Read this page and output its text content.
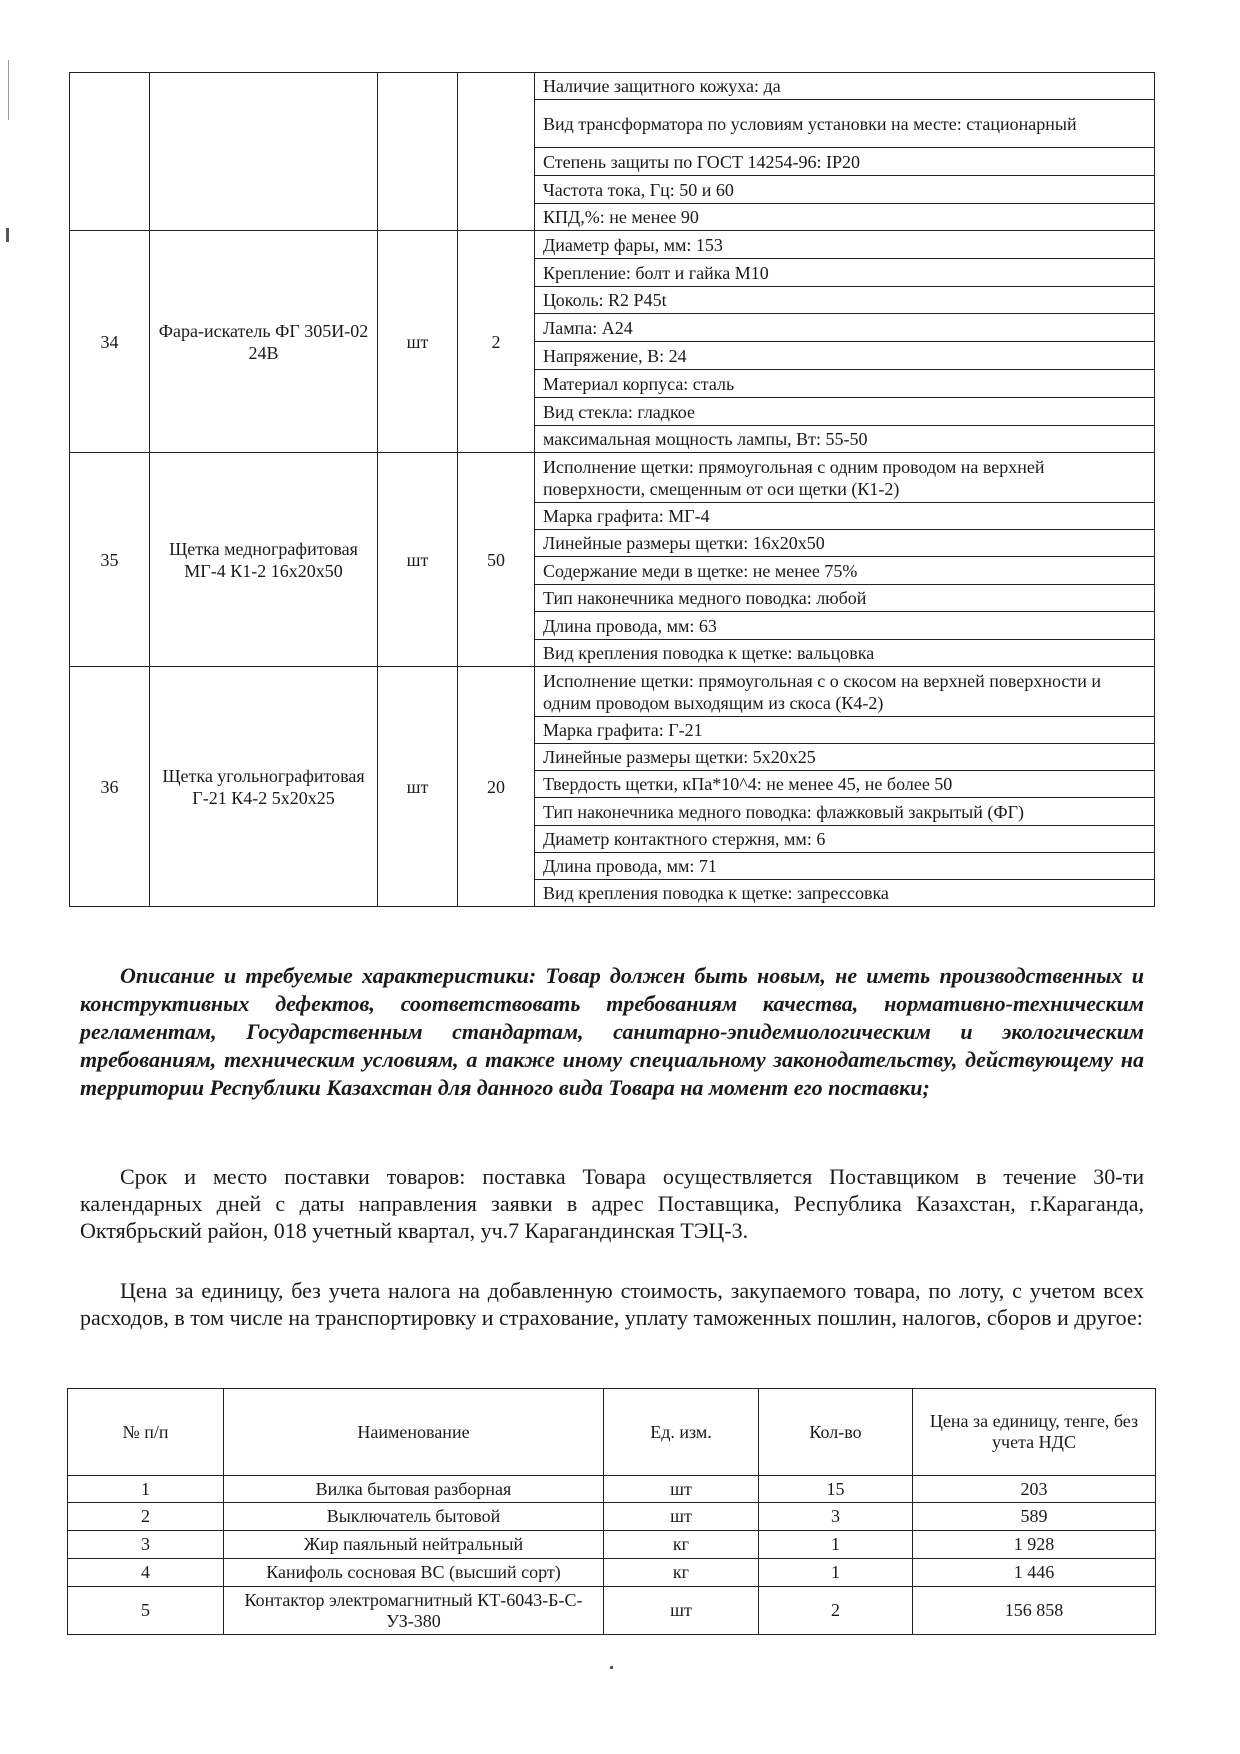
				Наличие защитного кожуха: да
				Вид трансформатора по условиям установки на месте: стационарный
				Степень защиты по ГОСТ 14254-96: IP20
				Частота тока, Гц: 50 и 60
				КПД,%: не менее 90
34	Фара-искатель ФГ 305И-02 24В	шт	2	Диаметр фары, мм: 153
				Крепление: болт и гайка М10
				Цоколь: R2 P45t
				Лампа: А24
				Напряжение, В: 24
				Материал корпуса: сталь
				Вид стекла: гладкое
				максимальная мощность лампы, Вт: 55-50
35	Щетка меднографитовая МГ-4 К1-2 16х20х50	шт	50	Исполнение щетки: прямоугольная с одним проводом на верхней поверхности, смещенным от оси щетки (К1-2)
				Марка графита: МГ-4
				Линейные размеры щетки: 16х20х50
				Содержание меди в щетке: не менее 75%
				Тип наконечника медного поводка: любой
				Длина провода, мм: 63
				Вид крепления поводка к щетке: вальцовка
36	Щетка угольнографитовая Г-21 К4-2 5х20х25	шт	20	Исполнение щетки: прямоугольная с о скосом на верхней поверхности и одним проводом выходящим из скоса (К4-2)
				Марка графита: Г-21
				Линейные размеры щетки: 5х20х25
				Твердость щетки, кПа*10^4: не менее 45, не более 50
				Тип наконечника медного поводка: флажковый закрытый (ФГ)
				Диаметр контактного стержня, мм: 6
				Длина провода, мм: 71
				Вид крепления поводка к щетке: запрессовка

Описание и требуемые характеристики: Товар должен быть новым, не иметь производственных и конструктивных дефектов, соответствовать требованиям качества, нормативно-техническим регламентам, Государственным стандартам, санитарно-эпидемиологическим и экологическим требованиям, техническим условиям, а также иному специальному законодательству, действующему на территории Республики Казахстан для данного вида Товара на момент его поставки;

Срок и место поставки товаров: поставка Товара осуществляется Поставщиком в течение 30-ти календарных дней с даты направления заявки в адрес Поставщика, Республика Казахстан, г.Караганда, Октябрьский район, 018 учетный квартал, уч.7 Карагандинская ТЭЦ-3.

Цена за единицу, без учета налога на добавленную стоимость, закупаемого товара, по лоту, с учетом всех расходов, в том числе на транспортировку и страхование, уплату таможенных пошлин, налогов, сборов и другое:

№ п/п	Наименование	Ед. изм.	Кол-во	Цена за единицу, тенге, без учета НДС
1	Вилка бытовая разборная	шт	15	203
2	Выключатель бытовой	шт	3	589
3	Жир паяльный нейтральный	кг	1	1 928
4	Канифоль сосновая ВС (высший сорт)	кг	1	1 446
5	Контактор электромагнитный КТ-6043-Б-С-УЗ-380	шт	2	156 858
